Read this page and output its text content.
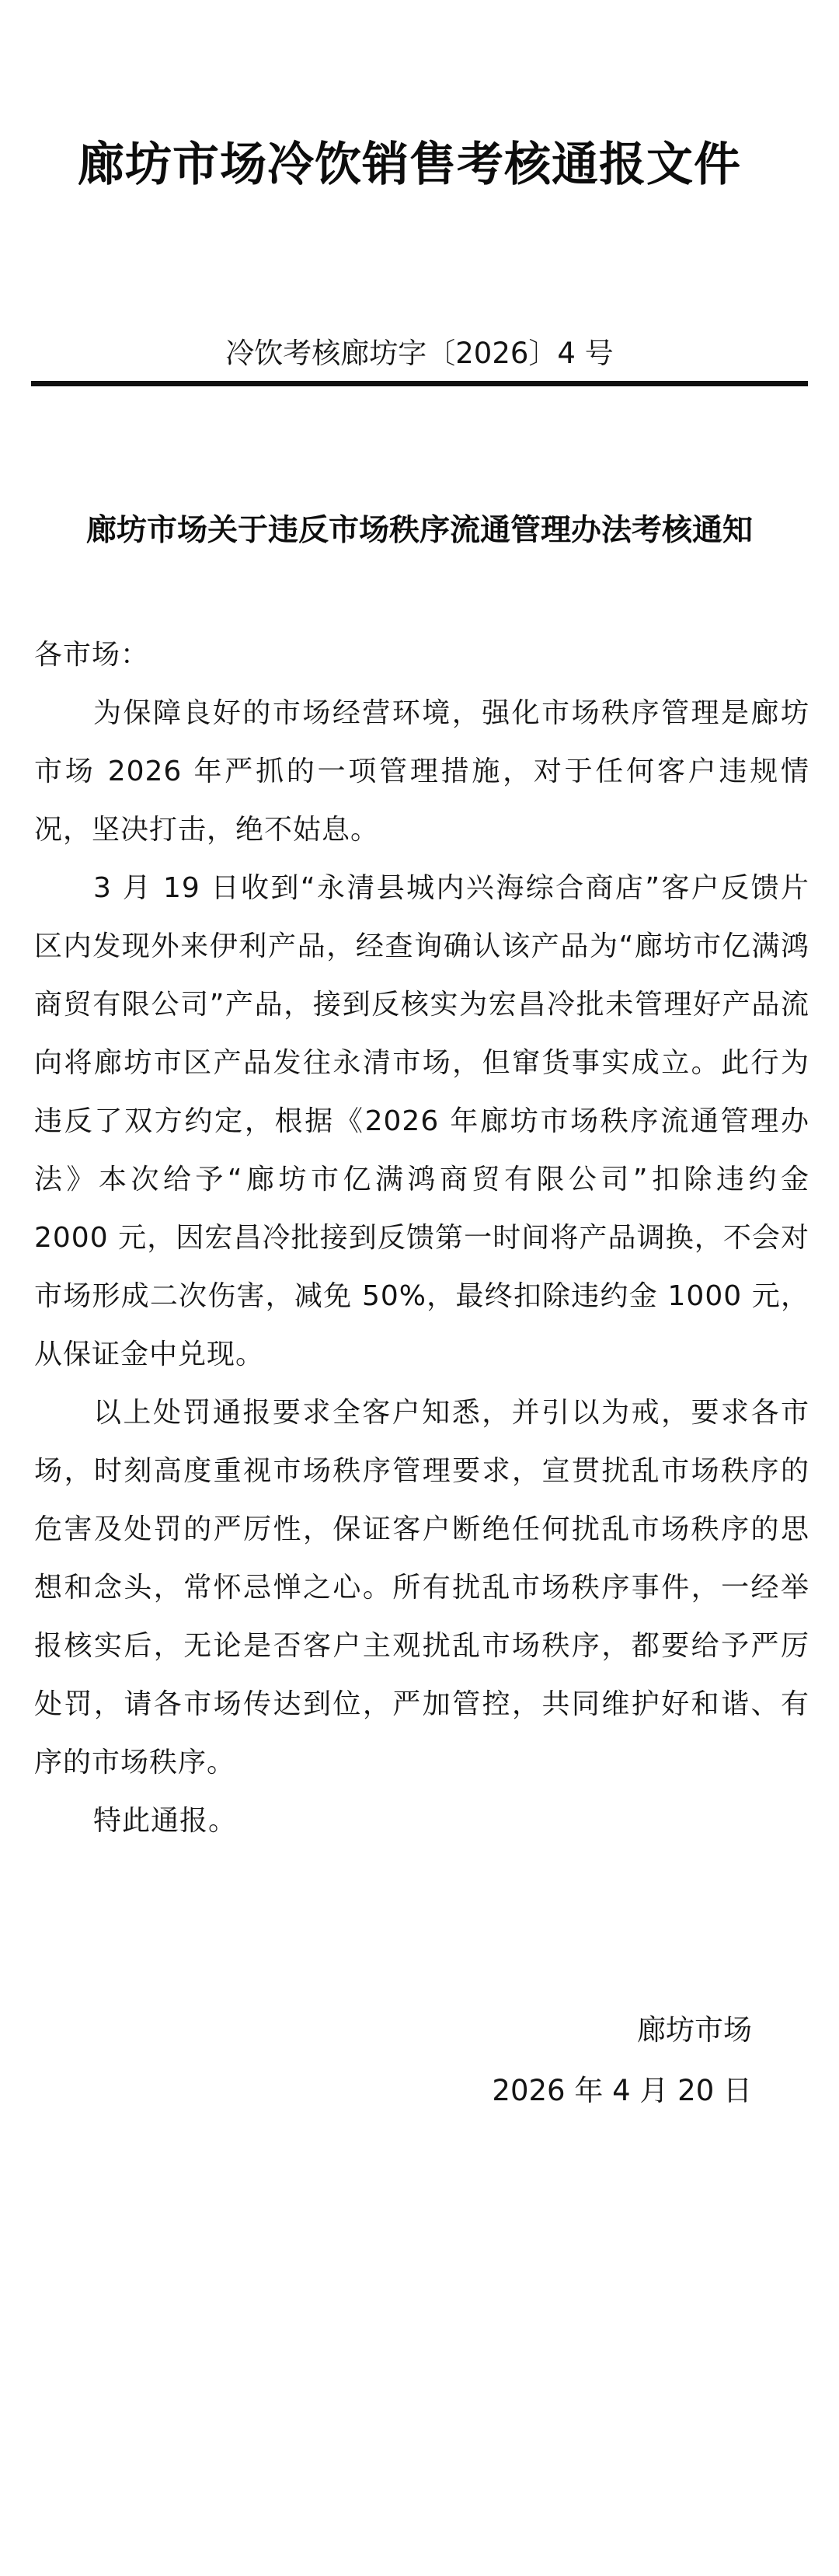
廊坊市场冷饮销售考核通报文件
冷饮考核廊坊字〔2026〕4 号
廊坊市场关于违反市场秩序流通管理办法考核通知

各市场：

为保障良好的市场经营环境，强化市场秩序管理是廊坊市场 2026 年严抓的一项管理措施，对于任何客户违规情况，坚决打击，绝不姑息。

3 月 19 日收到“永清县城内兴海综合商店”客户反馈片区内发现外来伊利产品，经查询确认该产品为“廊坊市亿满鸿商贸有限公司”产品，接到反核实为宏昌冷批未管理好产品流向将廊坊市区产品发往永清市场，但窜货事实成立。此行为违反了双方约定，根据《2026 年廊坊市场秩序流通管理办法》本次给予“廊坊市亿满鸿商贸有限公司”扣除违约金 2000 元，因宏昌冷批接到反馈第一时间将产品调换，不会对市场形成二次伤害，减免 50%，最终扣除违约金 1000 元，从保证金中兑现。

以上处罚通报要求全客户知悉，并引以为戒，要求各市场，时刻高度重视市场秩序管理要求，宣贯扰乱市场秩序的危害及处罚的严厉性，保证客户断绝任何扰乱市场秩序的思想和念头，常怀忌惮之心。所有扰乱市场秩序事件，一经举报核实后，无论是否客户主观扰乱市场秩序，都要给予严厉处罚，请各市场传达到位，严加管控，共同维护好和谐、有序的市场秩序。

特此通报。

廊坊市场
2026 年 4 月 20 日
